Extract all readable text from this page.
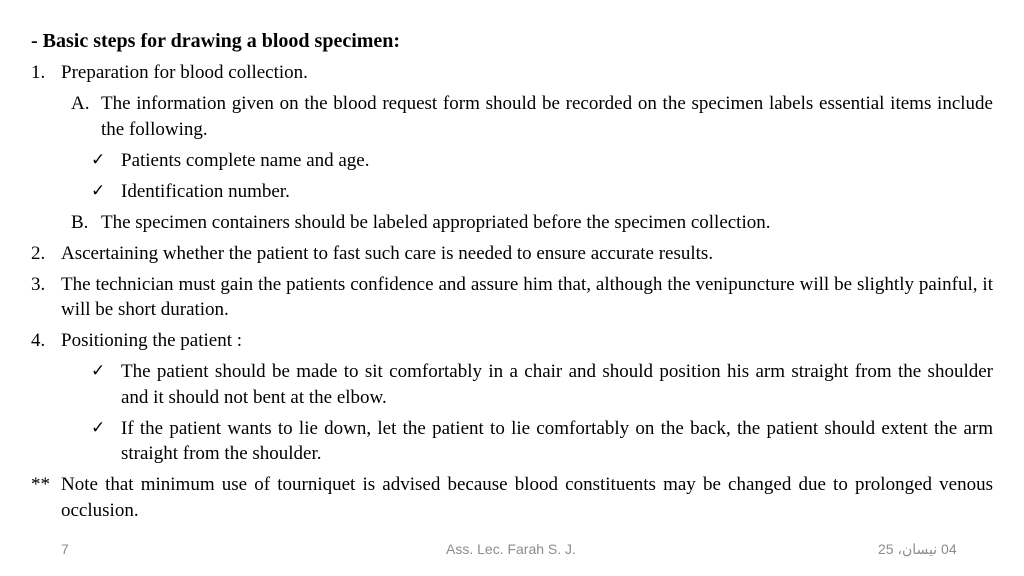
- Basic steps for drawing a blood specimen:
1. Preparation for blood collection.
A. The information given on the blood request form should be recorded on the specimen labels essential items include the following.
✓ Patients complete name and age.
✓ Identification number.
B. The specimen containers should be labeled appropriated before the specimen collection.
2. Ascertaining whether the patient to fast such care is needed to ensure accurate results.
3. The technician must gain the patients confidence and assure him that, although the venipuncture will be slightly painful, it will be short duration.
4. Positioning the patient :
✓ The patient should be made to sit comfortably in a chair and should position his arm straight from the shoulder and it should not bent at the elbow.
✓ If the patient wants to lie down, let the patient to lie comfortably on the back, the patient should extent the arm straight from the shoulder.
** Note that minimum use of tourniquet is advised because blood constituents may be changed due to prolonged venous occlusion.
7	Ass. Lec. Farah S. J.	04 نيسان، 25
